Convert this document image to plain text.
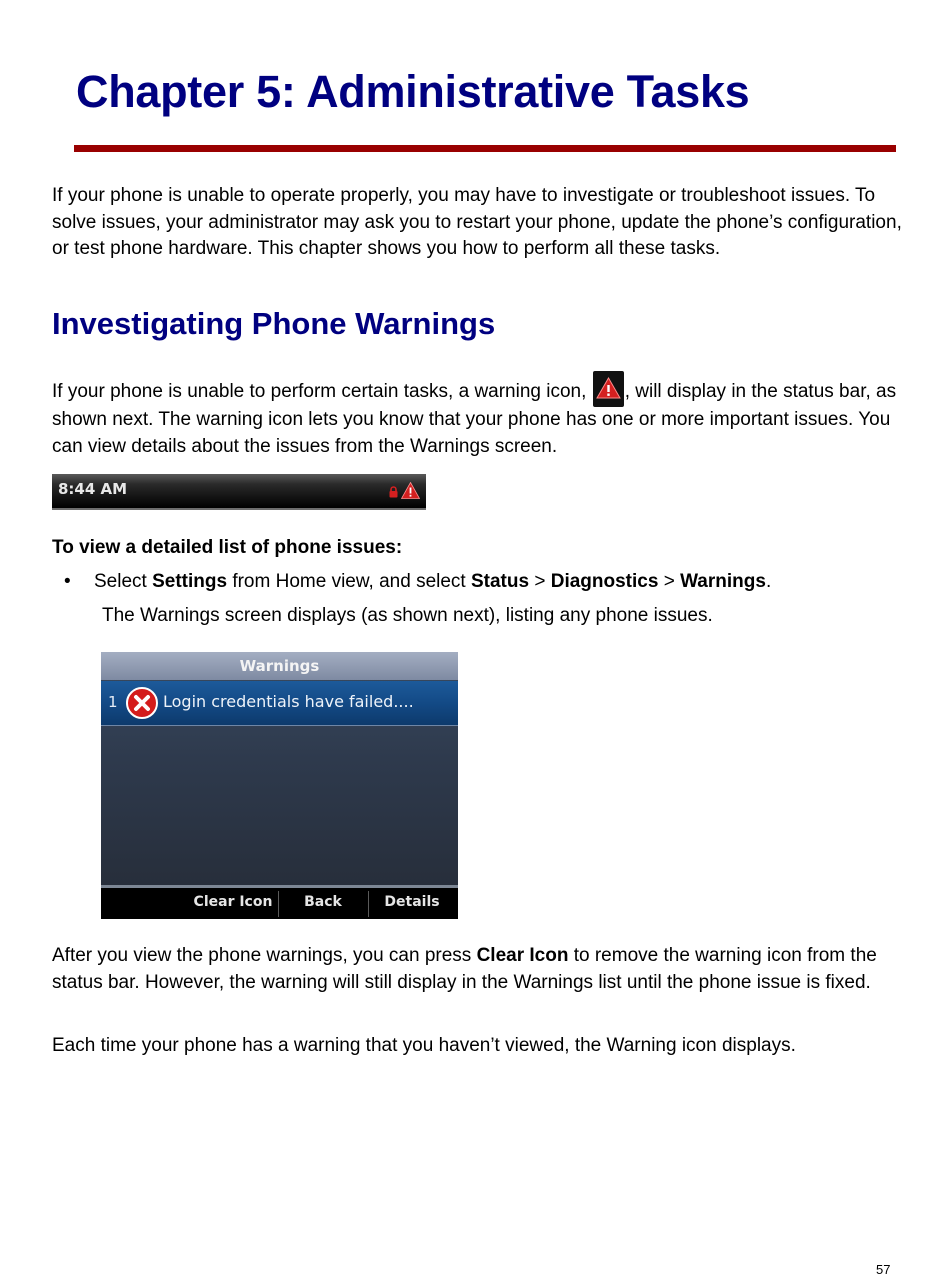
Chapter 5: Administrative Tasks

If your phone is unable to operate properly, you may have to investigate or troubleshoot issues. To solve issues, your administrator may ask you to restart your phone, update the phone’s configuration, or test phone hardware. This chapter shows you how to perform all these tasks.

Investigating Phone Warnings

If your phone is unable to perform certain tasks, a warning icon, , will display in the status bar, as shown next. The warning icon lets you know that your phone has one or more important issues. You can view details about the issues from the Warnings screen.

8:44 AM
To view a detailed list of phone issues:

• Select Settings from Home view, and select Status > Diagnostics > Warnings.

The Warnings screen displays (as shown next), listing any phone issues.

Warnings
1	Login credentials have failed....
Clear Icon	Back	Details

After you view the phone warnings, you can press Clear Icon to remove the warning icon from the status bar. However, the warning will still display in the Warnings list until the phone issue is fixed.

Each time your phone has a warning that you haven’t viewed, the Warning icon displays.

57
